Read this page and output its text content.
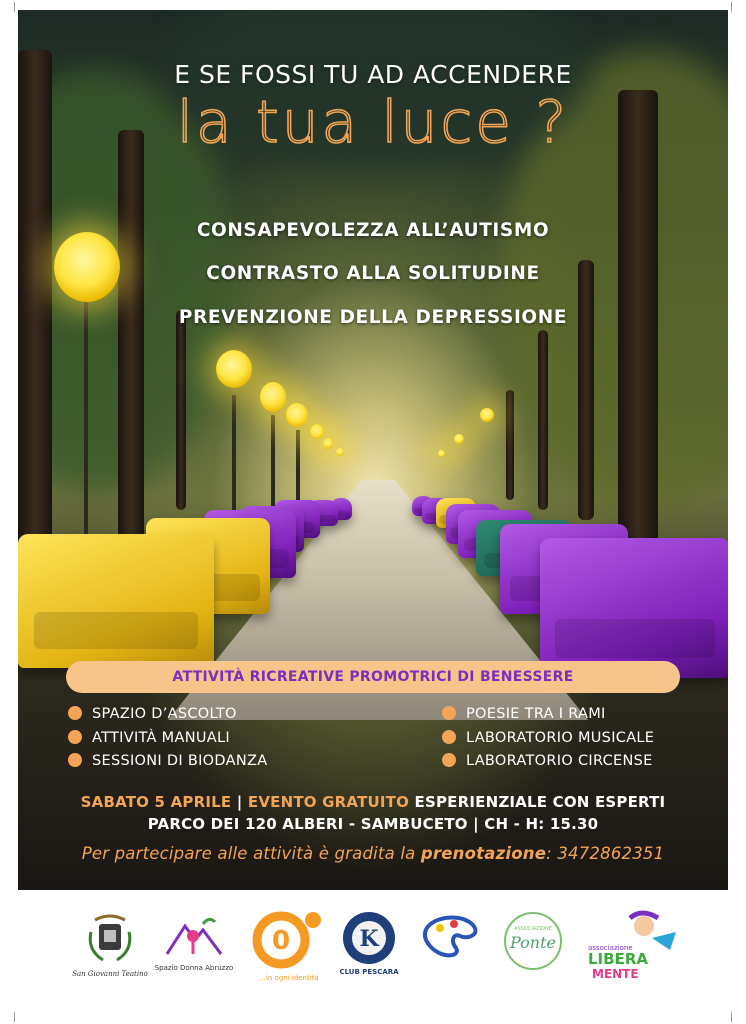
E SE FOSSI TU AD ACCENDERE
la tua luce ?
CONSAPEVOLEZZA ALL’AUTISMO
CONTRASTO ALLA SOLITUDINE
PREVENZIONE DELLA DEPRESSIONE
ATTIVITÀ RICREATIVE PROMOTRICI DI BENESSERE
SPAZIO D’ASCOLTO
ATTIVITÀ MANUALI
SESSIONI DI BIODANZA
POESIE TRA I RAMI
LABORATORIO MUSICALE
LABORATORIO CIRCENSE
SABATO 5 APRILE | EVENTO GRATUITO ESPERIENZIALE CON ESPERTI
PARCO DEI 120 ALBERI - SAMBUCETO | CH - H: 15.30
Per partecipare alle attività è gradita la prenotazione: 3472862351
San Giovanni Teatino
Spazio Donna Abruzzo
0
...in ogni identità
K
CLUB PESCARA
ASSOCIAZIONE
Ponte	associazione
LIBERA
MENTE
